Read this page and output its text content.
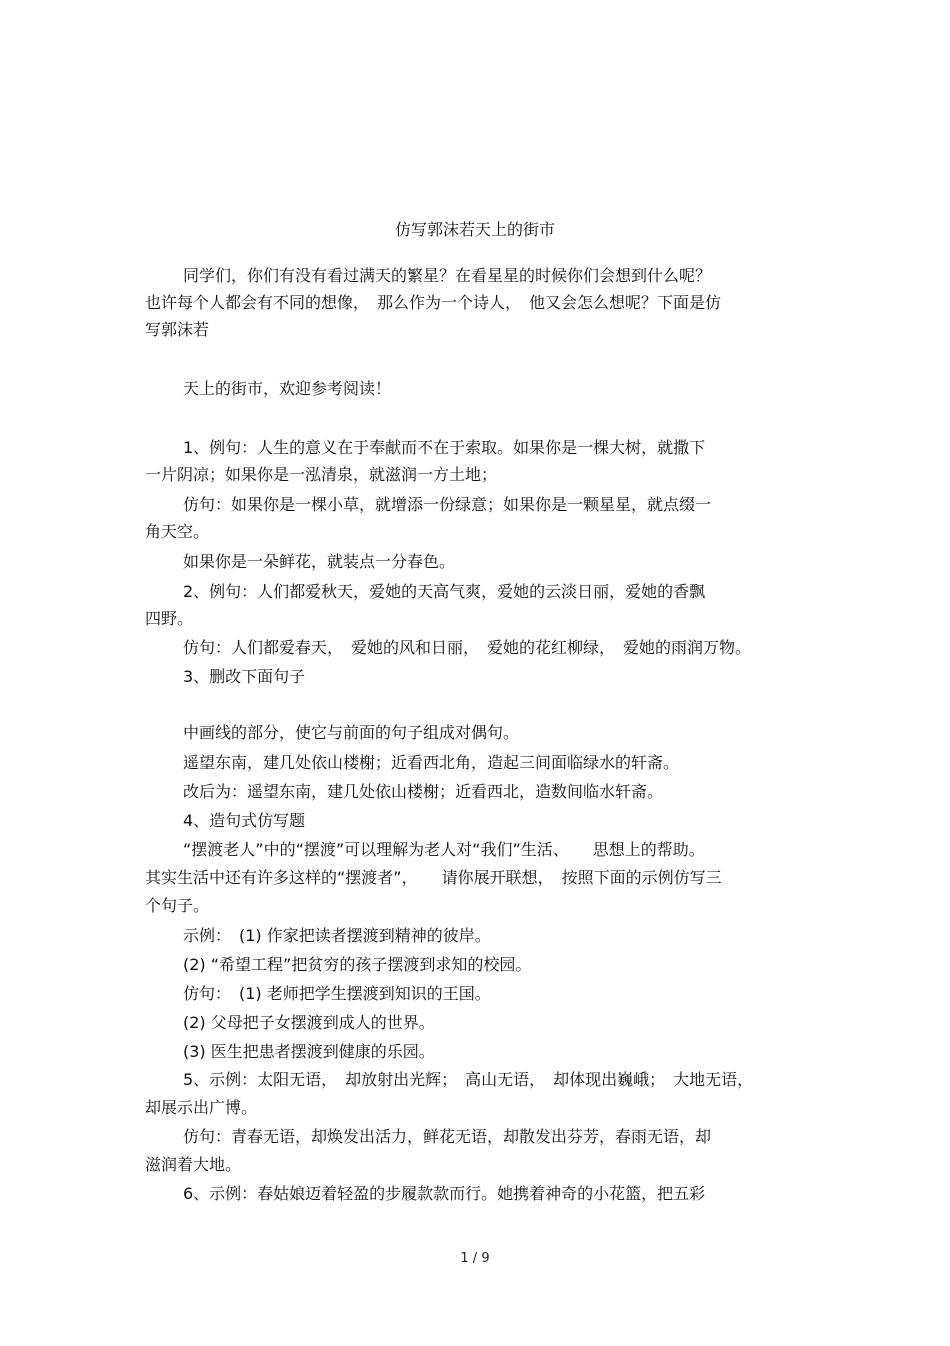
仿写郭沫若天上的街市
同学们，你们有没有看过满天的繁星？在看星星的时候你们会想到什么呢？
也许每个人都会有不同的想像，　那么作为一个诗人，　他又会怎么想呢？下面是仿
写郭沫若
天上的街市，欢迎参考阅读！
1、例句：人生的意义在于奉献而不在于索取。如果你是一棵大树，就撒下
一片阴凉；如果你是一泓清泉，就滋润一方土地；
仿句：如果你是一棵小草，就增添一份绿意；如果你是一颗星星，就点缀一
角天空。
如果你是一朵鲜花，就装点一分春色。
2、例句：人们都爱秋天，爱她的天高气爽，爱她的云淡日丽，爱她的香飘
四野。
仿句：人们都爱春天，　爱她的风和日丽，　爱她的花红柳绿，　爱她的雨润万物。
3、删改下面句子
中画线的部分，使它与前面的句子组成对偶句。
遥望东南，建几处依山楼榭；近看西北角，造起三间面临绿水的轩斋。
改后为：遥望东南，建几处依山楼榭；近看西北，造数间临水轩斋。
4、造句式仿写题
“摆渡老人”中的“摆渡”可以理解为老人对“我们”生活、　　思想上的帮助。
其实生活中还有许多这样的“摆渡者”，　　请你展开联想，　按照下面的示例仿写三
个句子。
示例：　(1) 作家把读者摆渡到精神的彼岸。
(2) “希望工程”把贫穷的孩子摆渡到求知的校园。
仿句：　(1) 老师把学生摆渡到知识的王国。
(2) 父母把子女摆渡到成人的世界。
(3) 医生把患者摆渡到健康的乐园。
5、示例：太阳无语，　却放射出光辉；　高山无语，　却体现出巍峨；　大地无语，
却展示出广博。
仿句：青春无语，却焕发出活力，鲜花无语，却散发出芬芳，春雨无语，却
滋润着大地。
6、示例：春姑娘迈着轻盈的步履款款而行。她携着神奇的小花篮，把五彩
1 / 9
